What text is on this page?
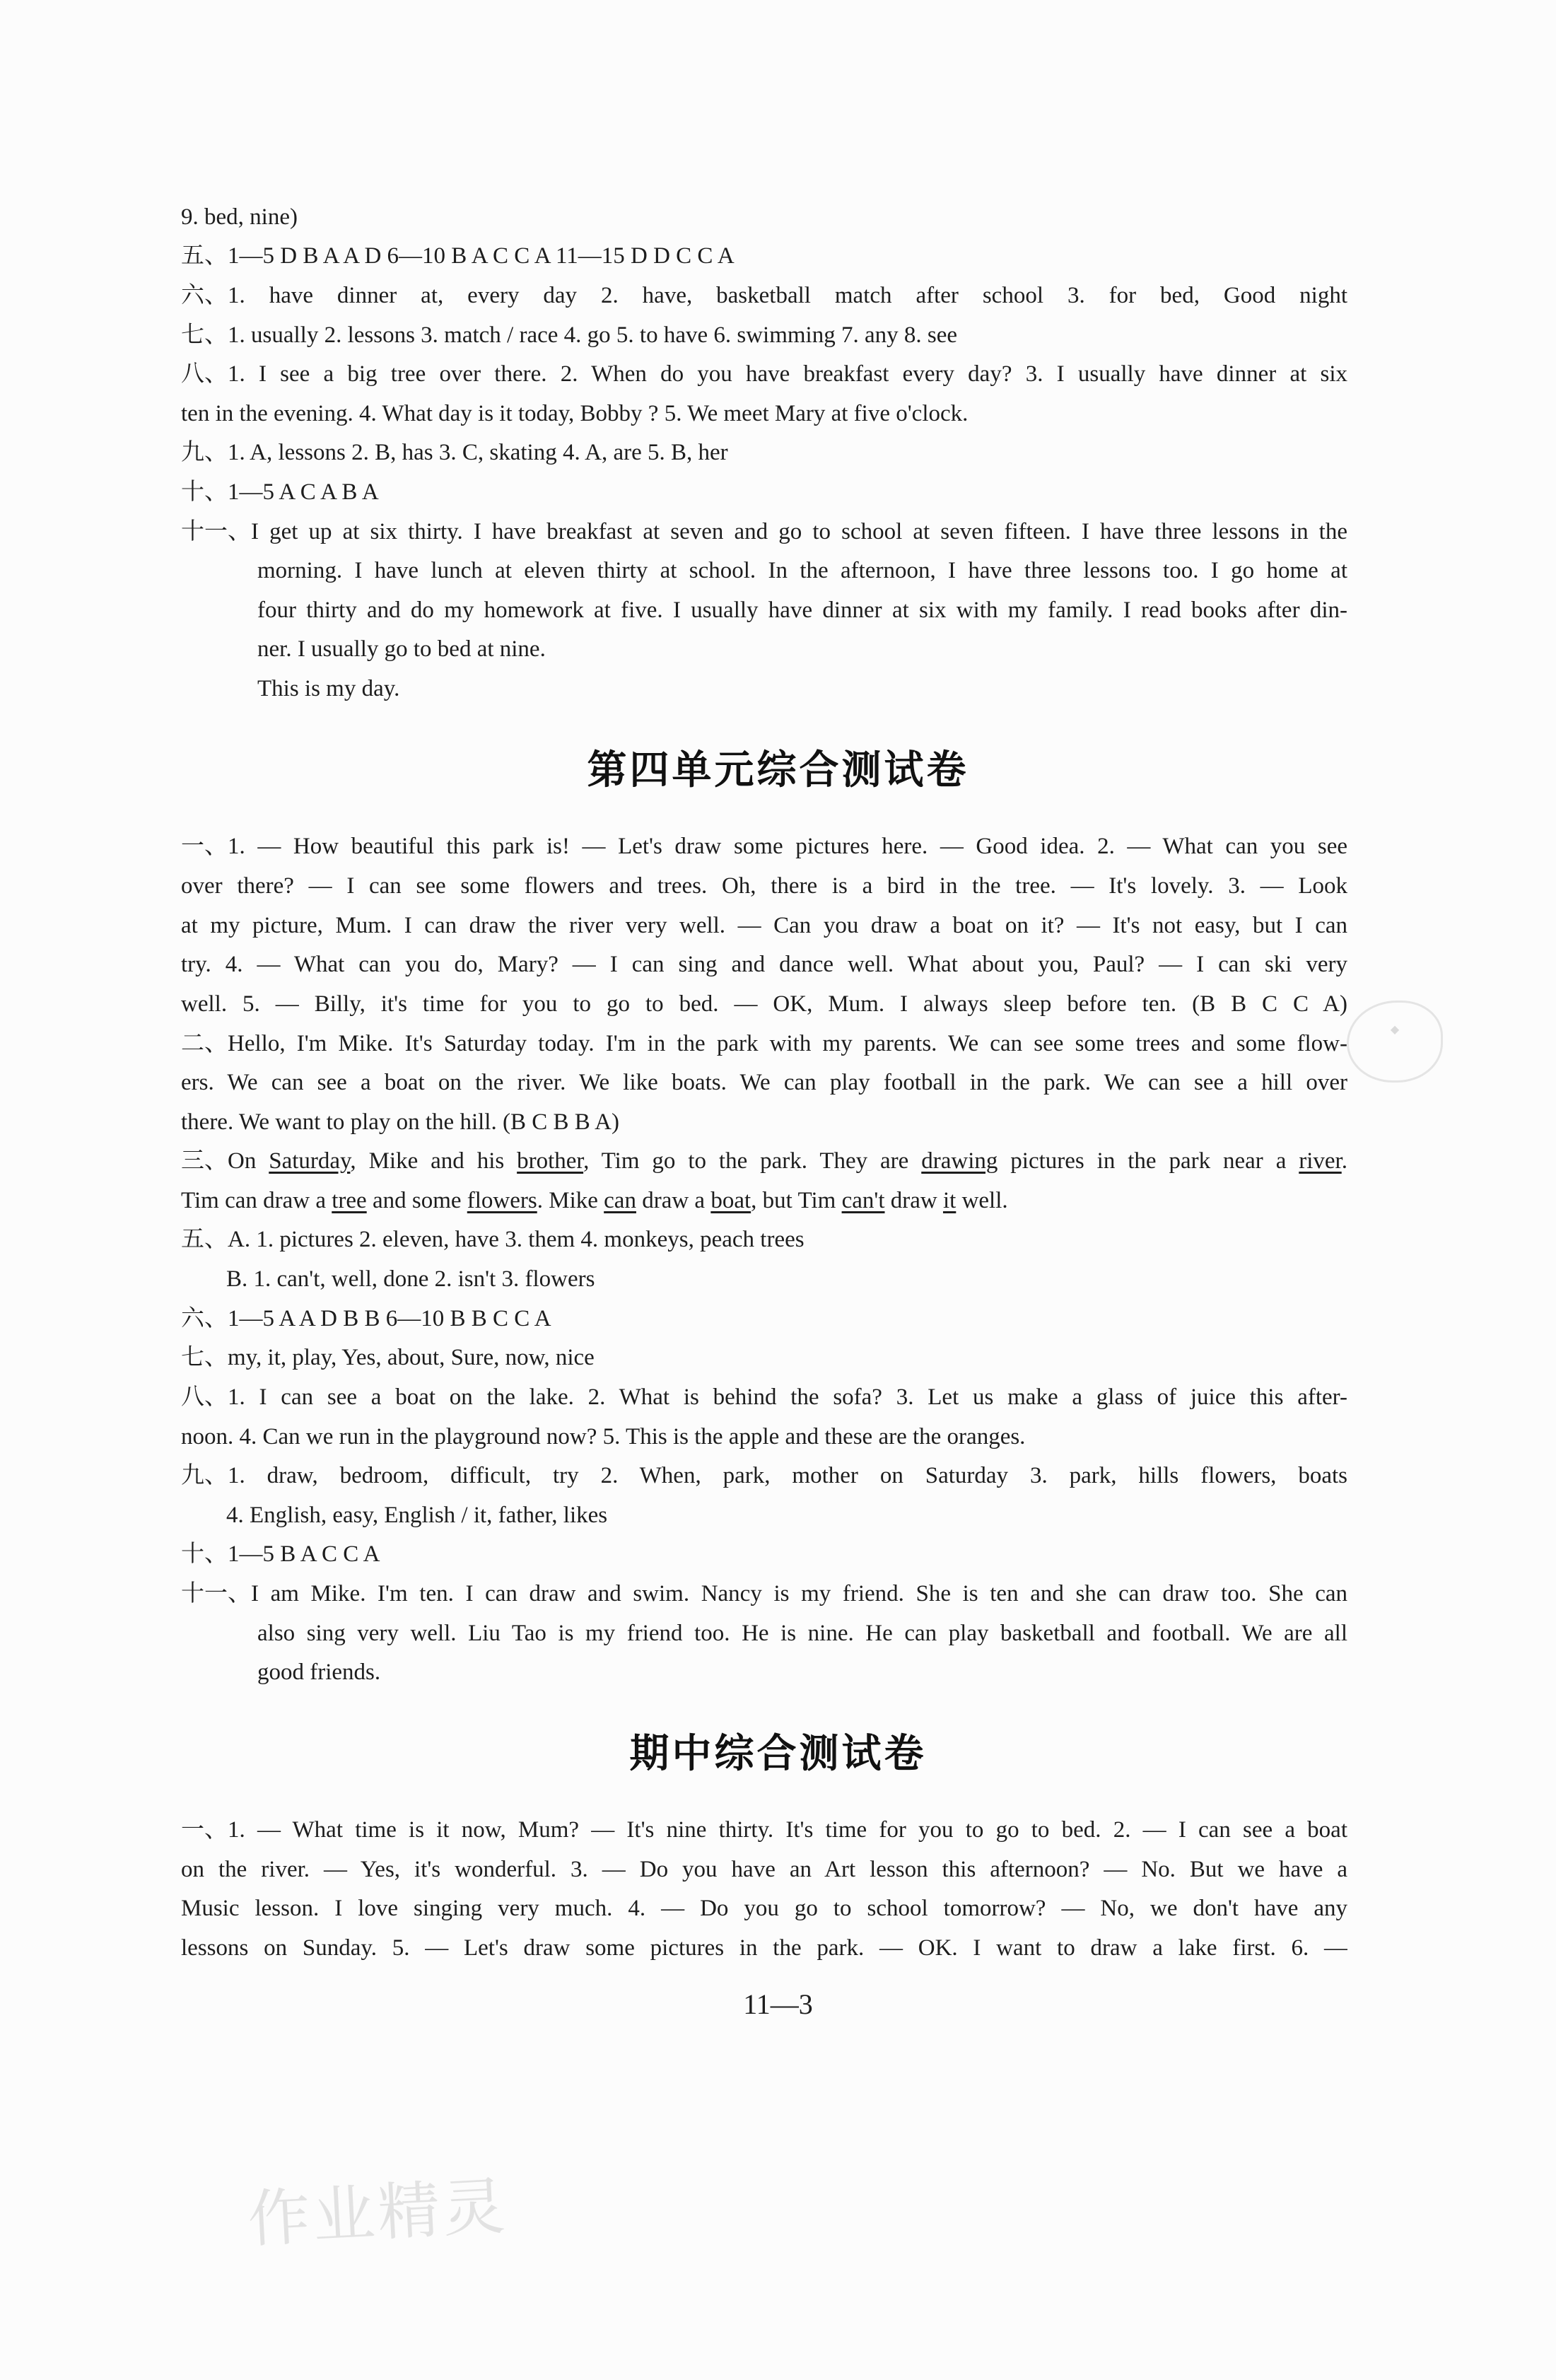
9. bed, nine)
五、1—5 D B A A D 6—10 B A C C A 11—15 D D C C A
六、1. have dinner at, every day 2. have, basketball match after school 3. for bed, Good night
七、1. usually 2. lessons 3. match / race 4. go 5. to have 6. swimming 7. any 8. see
八、1. I see a big tree over there. 2. When do you have breakfast every day? 3. I usually have dinner at six
ten in the evening. 4. What day is it today, Bobby ? 5. We meet Mary at five o'clock.
九、1. A, lessons 2. B, has 3. C, skating 4. A, are 5. B, her
十、1—5 A C A B A
十一、I get up at six thirty. I have breakfast at seven and go to school at seven fifteen. I have three lessons in the
morning. I have lunch at eleven thirty at school. In the afternoon, I have three lessons too. I go home at
four thirty and do my homework at five. I usually have dinner at six with my family. I read books after din-
ner. I usually go to bed at nine.
This is my day.
第四单元综合测试卷
一、1. — How beautiful this park is! — Let's draw some pictures here. — Good idea. 2. — What can you see
over there? — I can see some flowers and trees. Oh, there is a bird in the tree. — It's lovely. 3. — Look
at my picture, Mum. I can draw the river very well. — Can you draw a boat on it? — It's not easy, but I can
try. 4. — What can you do, Mary? — I can sing and dance well. What about you, Paul? — I can ski very
well. 5. — Billy, it's time for you to go to bed. — OK, Mum. I always sleep before ten. (B B C C A)
二、Hello, I'm Mike. It's Saturday today. I'm in the park with my parents. We can see some trees and some flow-
ers. We can see a boat on the river. We like boats. We can play football in the park. We can see a hill over
there. We want to play on the hill. (B C B B A)
三、On Saturday, Mike and his brother, Tim go to the park. They are drawing pictures in the park near a river.
Tim can draw a tree and some flowers. Mike can draw a boat, but Tim can't draw it well.
五、A. 1. pictures 2. eleven, have 3. them 4. monkeys, peach trees
B. 1. can't, well, done 2. isn't 3. flowers
六、1—5 A A D B B 6—10 B B C C A
七、my, it, play, Yes, about, Sure, now, nice
八、1. I can see a boat on the lake. 2. What is behind the sofa? 3. Let us make a glass of juice this after-
noon. 4. Can we run in the playground now? 5. This is the apple and these are the oranges.
九、1. draw, bedroom, difficult, try 2. When, park, mother on Saturday 3. park, hills flowers, boats
4. English, easy, English / it, father, likes
十、1—5 B A C C A
十一、I am Mike. I'm ten. I can draw and swim. Nancy is my friend. She is ten and she can draw too. She can
also sing very well. Liu Tao is my friend too. He is nine. He can play basketball and football. We are all
good friends.
期中综合测试卷
一、1. — What time is it now, Mum? — It's nine thirty. It's time for you to go to bed. 2. — I can see a boat
on the river. — Yes, it's wonderful. 3. — Do you have an Art lesson this afternoon? — No. But we have a
Music lesson. I love singing very much. 4. — Do you go to school tomorrow? — No, we don't have any
lessons on Sunday. 5. — Let's draw some pictures in the park. — OK. I want to draw a lake first. 6. —
11—3
作业精灵
◆
